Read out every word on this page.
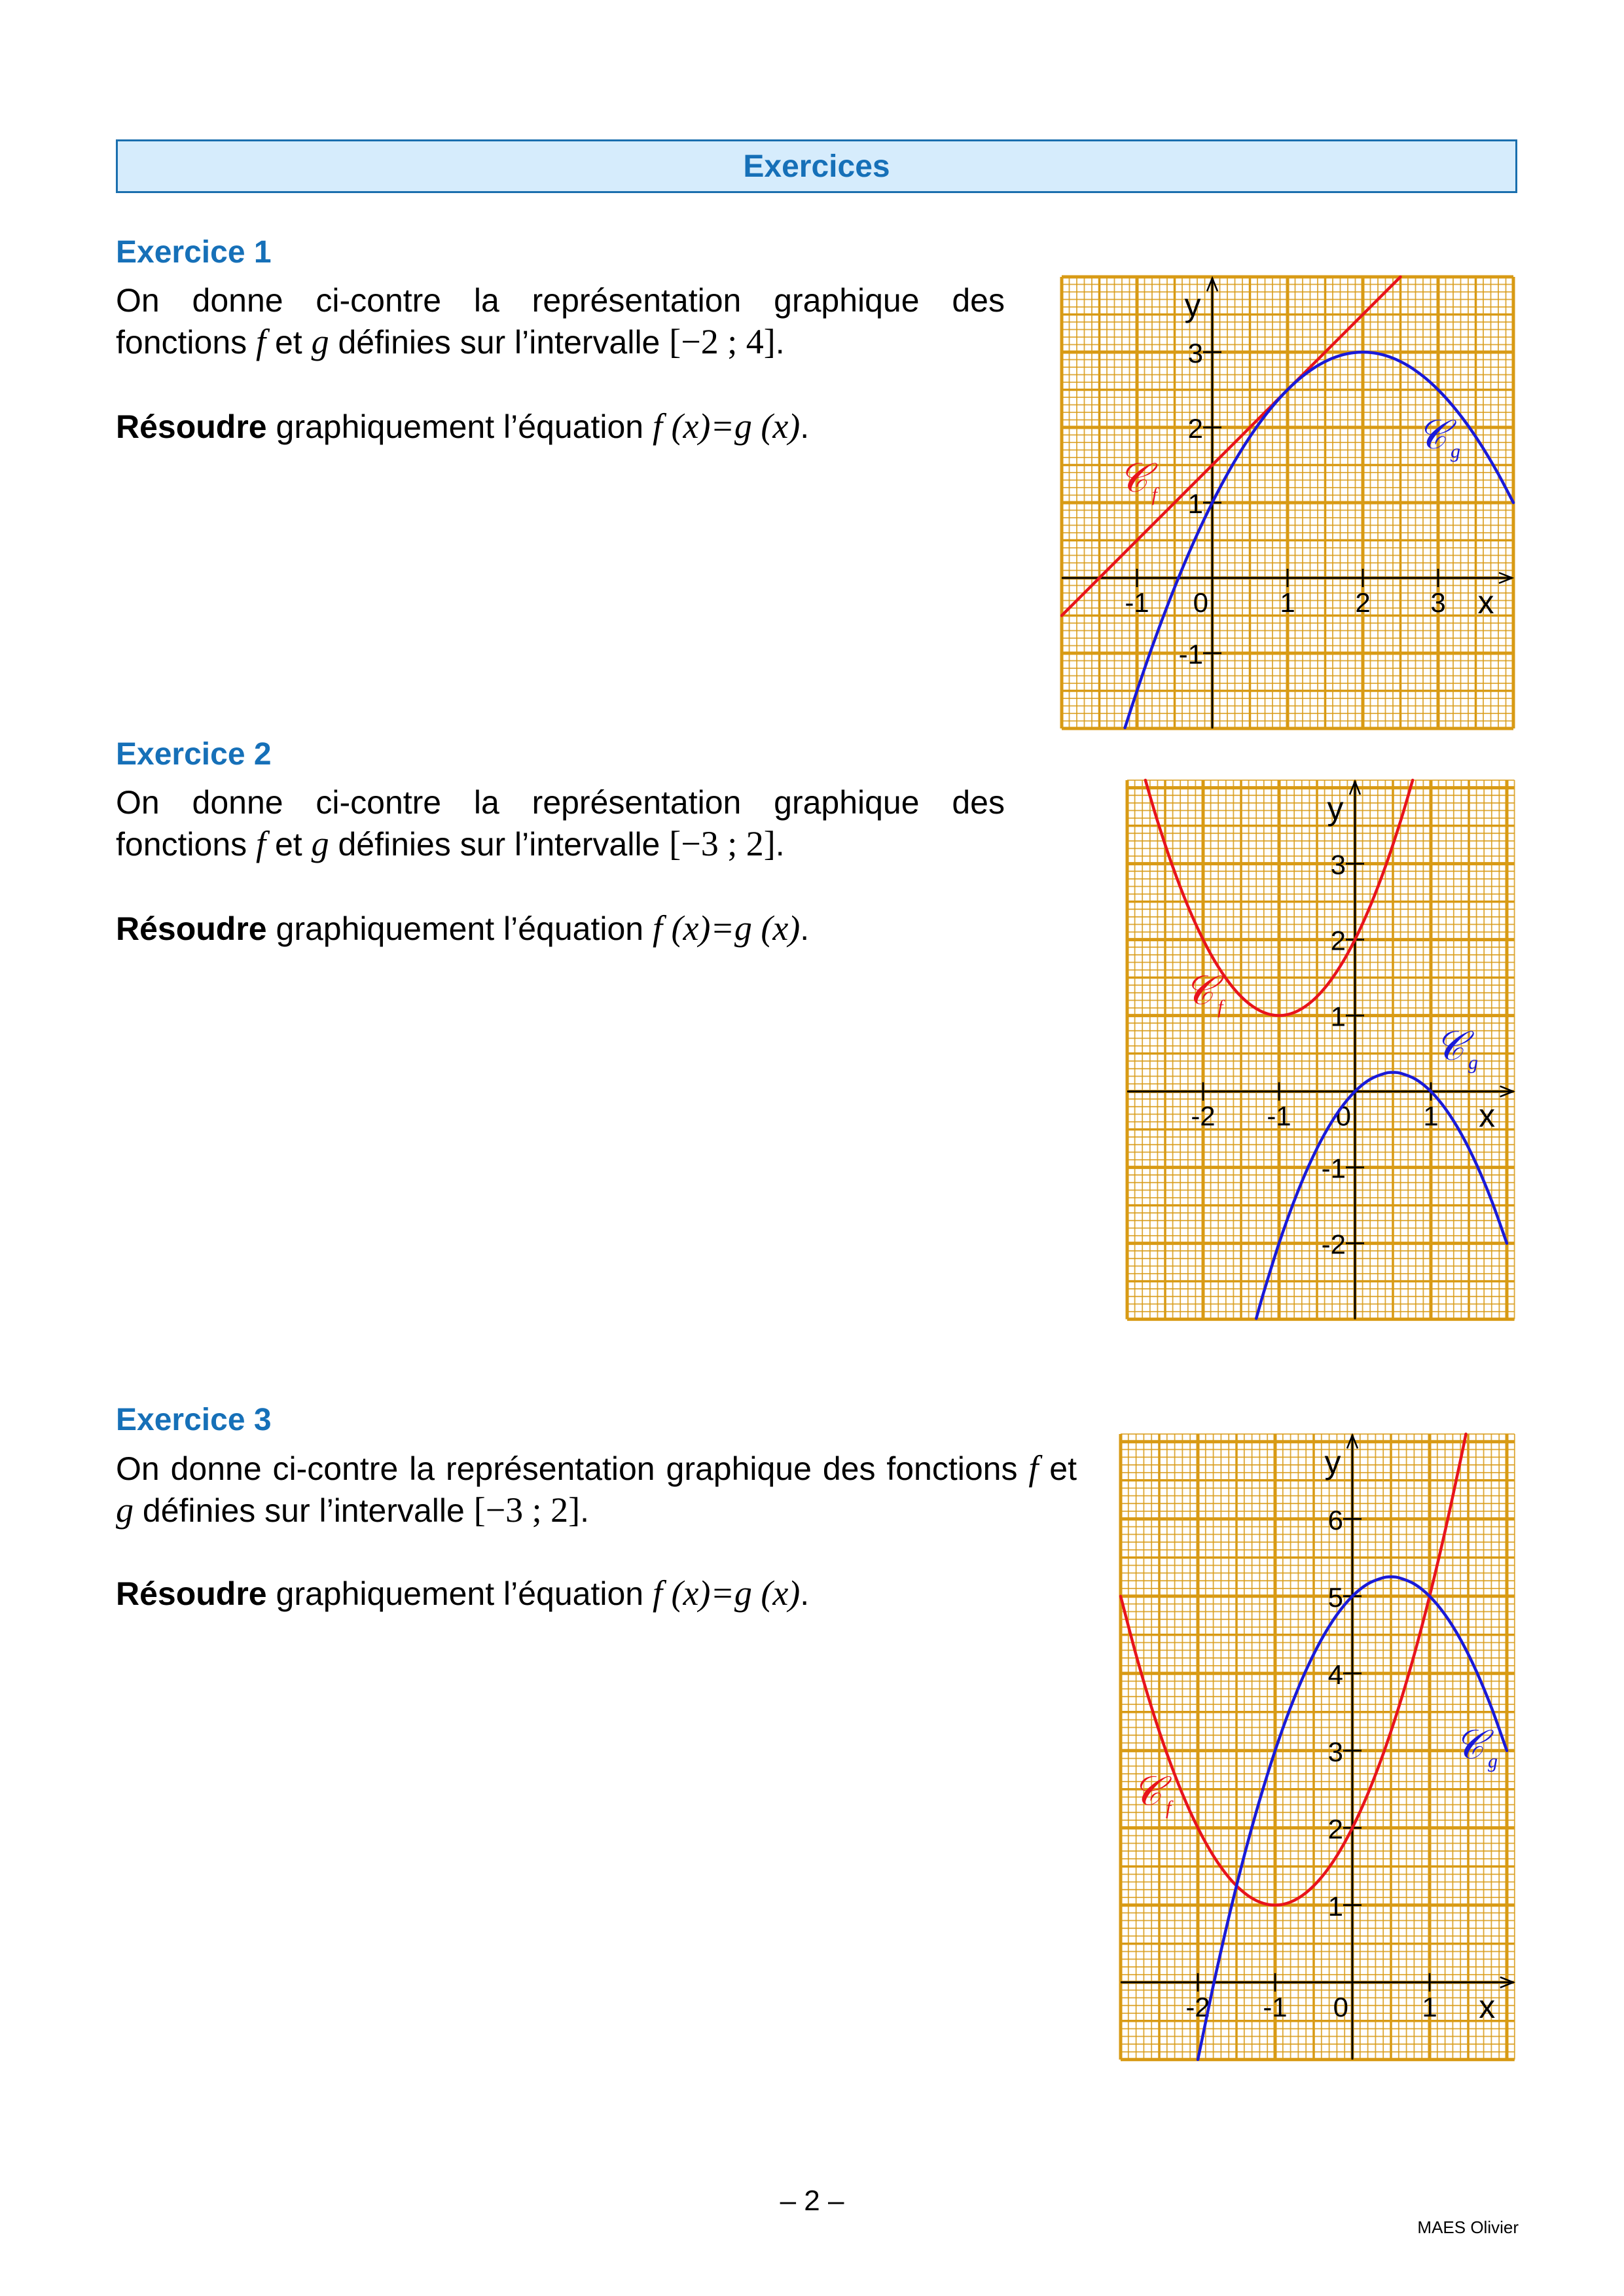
Exercices
Exercice 1
On donne ci-contre la représentation graphique des
fonctions f et g définies sur l’intervalle [−2 ; 4].
Résoudre graphiquement l’équation f (x)=g (x).
Exercice 2
On donne ci-contre la représentation graphique des
fonctions f et g définies sur l’intervalle [−3 ; 2].
Résoudre graphiquement l’équation f (x)=g (x).
Exercice 3
On donne ci-contre la représentation graphique des fonctions f et
g définies sur l’intervalle [−3 ; 2].
Résoudre graphiquement l’équation f (x)=g (x).
-1 0	1 2 3
3
2
1
-1
x
y
𝒞 $_f$
𝒞 $_g$
-2 -1 0	1
3
2
1
-1
-2
x
y
𝒞 $_f$
𝒞 $_g$
-2 -1 0	1
6
5
4
3
2
1
x
y
𝒞 $_f$
𝒞 $_g$
– 2 –
MAES Olivier
